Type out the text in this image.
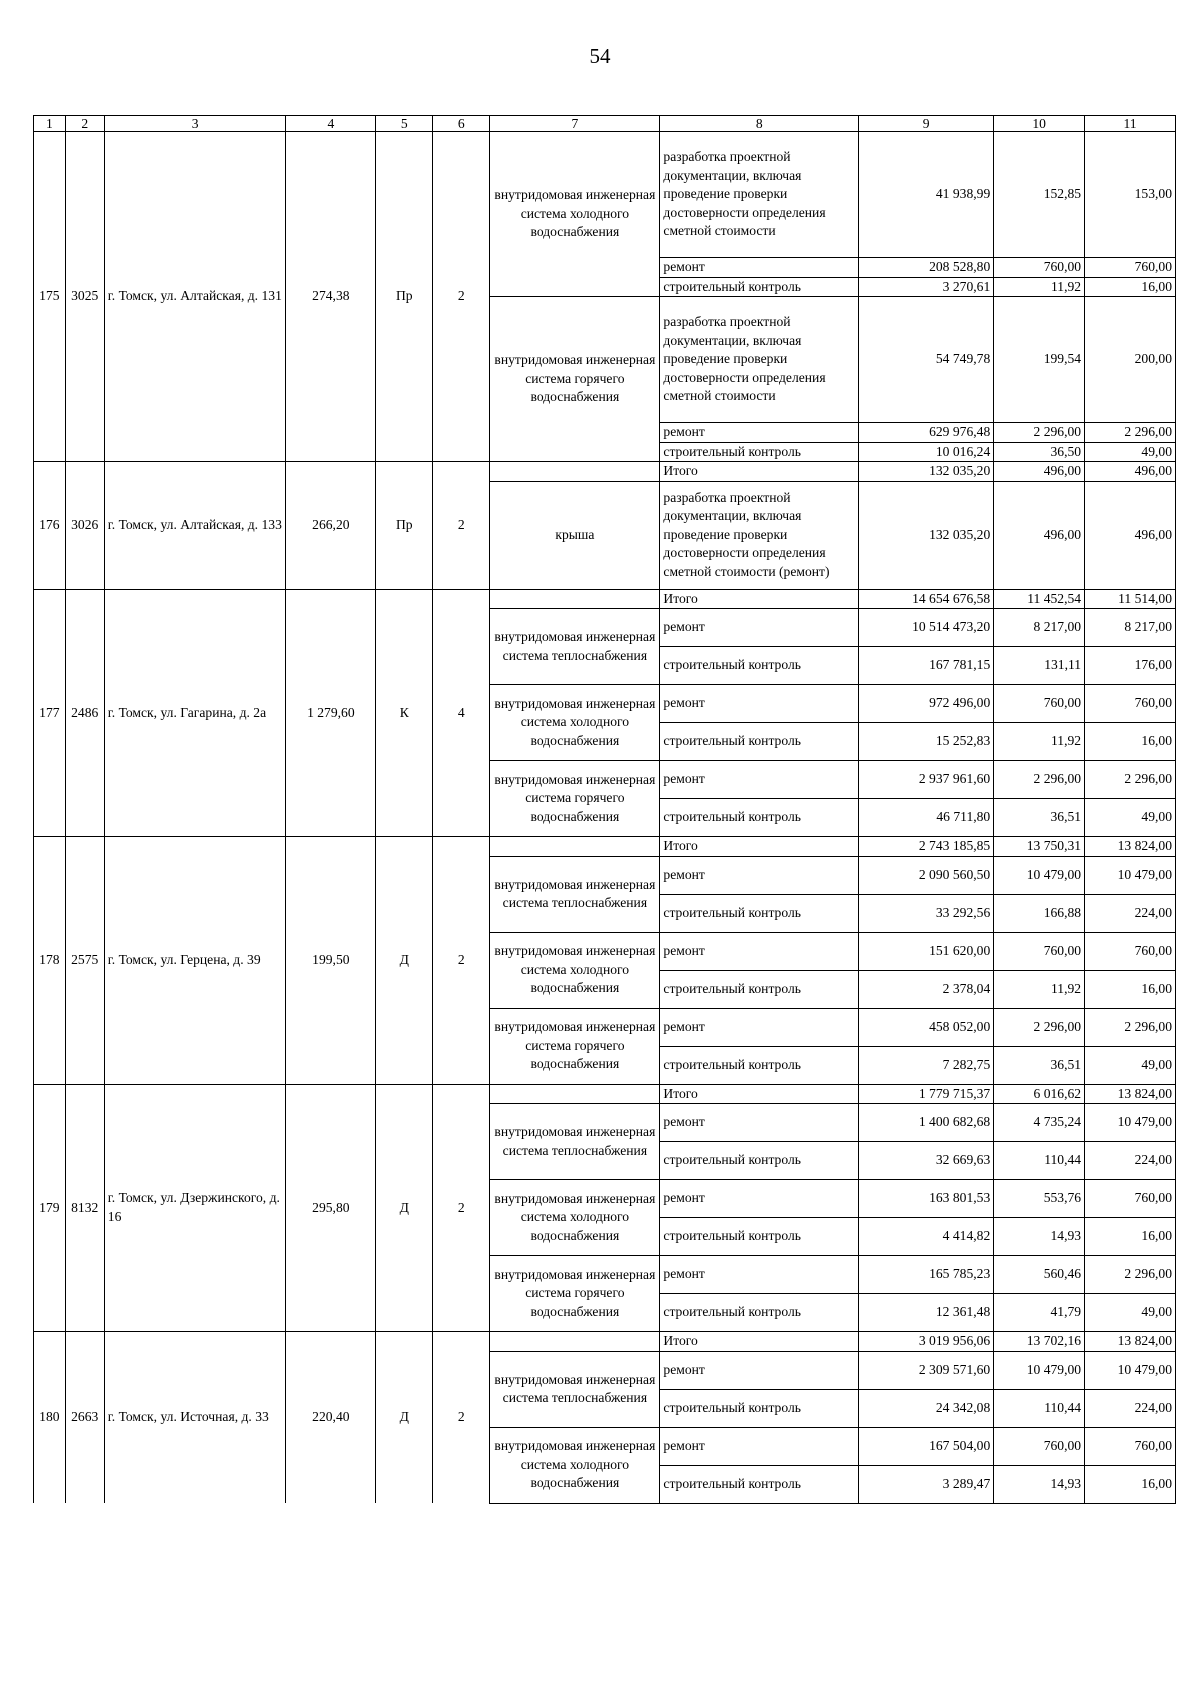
54
1	2	3	4	5	6	7	8	9	10	11
175	3025	г. Томск, ул. Алтайская, д. 131	274,38	Пр	2	внутридомовая инженерная система холодного водоснабжения	разработка проектной документации, включая проведение проверки достоверности определения сметной стоимости	41 938,99	152,85	153,00
							ремонт	208 528,80	760,00	760,00
							строительный контроль	3 270,61	11,92	16,00
						внутридомовая инженерная система горячего водоснабжения	разработка проектной документации, включая проведение проверки достоверности определения сметной стоимости	54 749,78	199,54	200,00
							ремонт	629 976,48	2 296,00	2 296,00
							строительный контроль	10 016,24	36,50	49,00
176	3026	г. Томск, ул. Алтайская, д. 133	266,20	Пр	2		Итого	132 035,20	496,00	496,00
						крыша	разработка проектной документации, включая проведение проверки достоверности определения сметной стоимости (ремонт)	132 035,20	496,00	496,00
177	2486	г. Томск, ул. Гагарина, д. 2а	1 279,60	К	4		Итого	14 654 676,58	11 452,54	11 514,00
						внутридомовая инженерная система теплоснабжения	ремонт	10 514 473,20	8 217,00	8 217,00
							строительный контроль	167 781,15	131,11	176,00
						внутридомовая инженерная система холодного водоснабжения	ремонт	972 496,00	760,00	760,00
							строительный контроль	15 252,83	11,92	16,00
						внутридомовая инженерная система горячего водоснабжения	ремонт	2 937 961,60	2 296,00	2 296,00
							строительный контроль	46 711,80	36,51	49,00
178	2575	г. Томск, ул. Герцена, д. 39	199,50	Д	2		Итого	2 743 185,85	13 750,31	13 824,00
						внутридомовая инженерная система теплоснабжения	ремонт	2 090 560,50	10 479,00	10 479,00
							строительный контроль	33 292,56	166,88	224,00
						внутридомовая инженерная система холодного водоснабжения	ремонт	151 620,00	760,00	760,00
							строительный контроль	2 378,04	11,92	16,00
						внутридомовая инженерная система горячего водоснабжения	ремонт	458 052,00	2 296,00	2 296,00
							строительный контроль	7 282,75	36,51	49,00
179	8132	г. Томск, ул. Дзержинского, д. 16	295,80	Д	2		Итого	1 779 715,37	6 016,62	13 824,00
						внутридомовая инженерная система теплоснабжения	ремонт	1 400 682,68	4 735,24	10 479,00
							строительный контроль	32 669,63	110,44	224,00
						внутридомовая инженерная система холодного водоснабжения	ремонт	163 801,53	553,76	760,00
							строительный контроль	4 414,82	14,93	16,00
						внутридомовая инженерная система горячего водоснабжения	ремонт	165 785,23	560,46	2 296,00
							строительный контроль	12 361,48	41,79	49,00
180	2663	г. Томск, ул. Источная, д. 33	220,40	Д	2		Итого	3 019 956,06	13 702,16	13 824,00
						внутридомовая инженерная система теплоснабжения	ремонт	2 309 571,60	10 479,00	10 479,00
							строительный контроль	24 342,08	110,44	224,00
						внутридомовая инженерная система холодного водоснабжения	ремонт	167 504,00	760,00	760,00
							строительный контроль	3 289,47	14,93	16,00
